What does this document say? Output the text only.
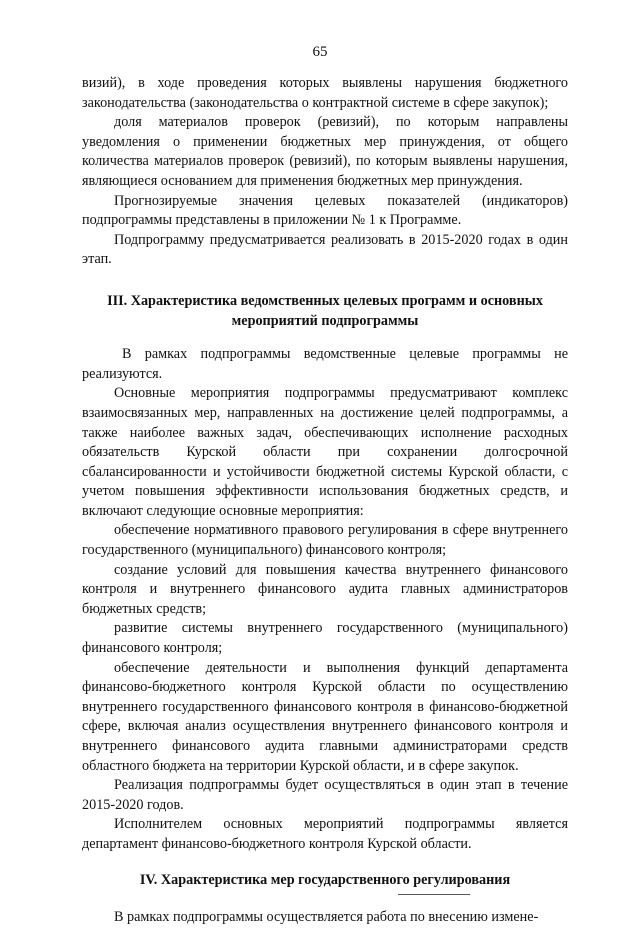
65

визий), в ходе проведения которых выявлены нарушения бюджетного законодательства (законодательства о контрактной системе в сфере закупок);

доля материалов проверок (ревизий), по которым направлены уведомления о применении бюджетных мер принуждения, от общего количества материалов проверок (ревизий), по которым выявлены нарушения, являющиеся основанием для применения бюджетных мер принуждения.

Прогнозируемые значения целевых показателей (индикаторов) подпрограммы представлены в приложении № 1 к Программе.

Подпрограмму предусматривается реализовать в 2015-2020 годах в один этап.

III. Характеристика ведомственных целевых программ и основных мероприятий подпрограммы

В рамках подпрограммы ведомственные целевые программы не реализуются.

Основные мероприятия подпрограммы предусматривают комплекс взаимосвязанных мер, направленных на достижение целей подпрограммы, а также наиболее важных задач, обеспечивающих исполнение расходных обязательств Курской области при сохранении долгосрочной сбалансированности и устойчивости бюджетной системы Курской области, с учетом повышения эффективности использования бюджетных средств, и включают следующие основные мероприятия:

обеспечение нормативного правового регулирования в сфере внутреннего государственного (муниципального) финансового контроля;

создание условий для повышения качества внутреннего финансового контроля и внутреннего финансового аудита главных администраторов бюджетных средств;

развитие системы внутреннего государственного (муниципального) финансового контроля;

обеспечение деятельности и выполнения функций департамента финансово-бюджетного контроля Курской области по осуществлению внутреннего государственного финансового контроля в финансово-бюджетной сфере, включая анализ осуществления внутреннего финансового контроля и внутреннего финансового аудита главными администраторами средств областного бюджета на территории Курской области, и в сфере закупок.

Реализация подпрограммы будет осуществляться в один этап в течение 2015-2020 годов.

Исполнителем основных мероприятий подпрограммы является департамент финансово-бюджетного контроля Курской области.

IV. Характеристика мер государственного регулирования

В рамках подпрограммы осуществляется работа по внесению измене-
